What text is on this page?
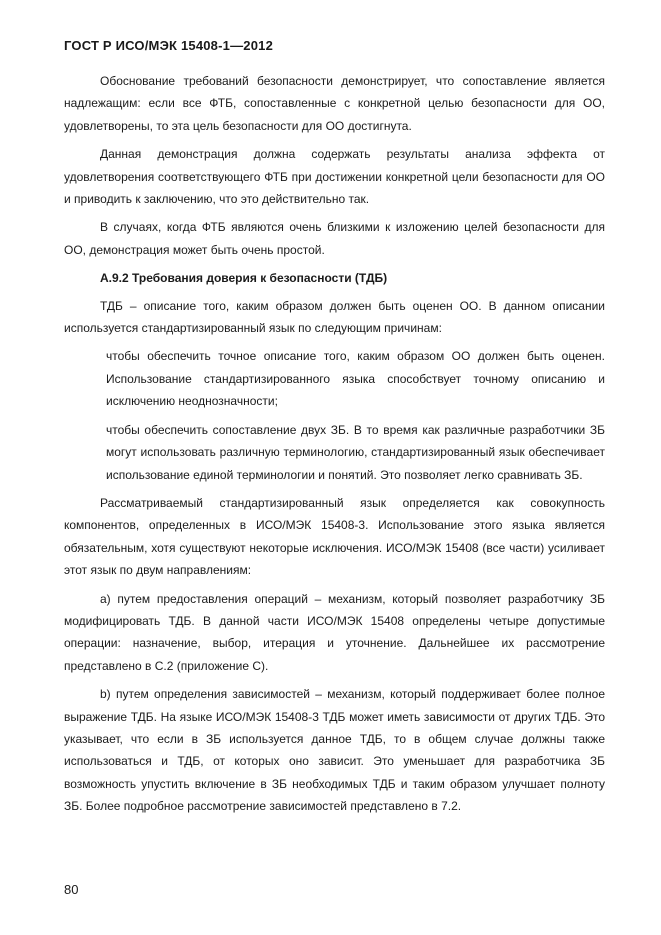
ГОСТ Р ИСО/МЭК 15408-1—2012

Обоснование требований безопасности демонстрирует, что сопоставление является надлежащим: если все ФТБ, сопоставленные с конкретной целью безопасности для ОО, удовлетворены, то эта цель безопасности для ОО достигнута.

Данная демонстрация должна содержать результаты анализа эффекта от удовлетворения соответствующего ФТБ при достижении конкретной цели безопасности для ОО и приводить к заключению, что это действительно так.

В случаях, когда ФТБ являются очень близкими к изложению целей безопасности для ОО, демонстрация может быть очень простой.

A.9.2 Требования доверия к безопасности (ТДБ)

ТДБ – описание того, каким образом должен быть оценен ОО. В данном описании используется стандартизированный язык по следующим причинам:

чтобы обеспечить точное описание того, каким образом ОО должен быть оценен. Использование стандартизированного языка способствует точному описанию и исключению неоднозначности;

чтобы обеспечить сопоставление двух ЗБ. В то время как различные разработчики ЗБ могут использовать различную терминологию, стандартизированный язык обеспечивает использование единой терминологии и понятий. Это позволяет легко сравнивать ЗБ.

Рассматриваемый стандартизированный язык определяется как совокупность компонентов, определенных в ИСО/МЭК 15408-3. Использование этого языка является обязательным, хотя существуют некоторые исключения. ИСО/МЭК 15408 (все части) усиливает этот язык по двум направлениям:

a) путем предоставления операций – механизм, который позволяет разработчику ЗБ модифицировать ТДБ. В данной части ИСО/МЭК 15408 определены четыре допустимые операции: назначение, выбор, итерация и уточнение. Дальнейшее их рассмотрение представлено в С.2 (приложение С).

b) путем определения зависимостей – механизм, который поддерживает более полное выражение ТДБ. На языке ИСО/МЭК 15408-3 ТДБ может иметь зависимости от других ТДБ. Это указывает, что если в ЗБ используется данное ТДБ, то в общем случае должны также использоваться и ТДБ, от которых оно зависит. Это уменьшает для разработчика ЗБ возможность упустить включение в ЗБ необходимых ТДБ и таким образом улучшает полноту ЗБ. Более подробное рассмотрение зависимостей представлено в 7.2.

80
